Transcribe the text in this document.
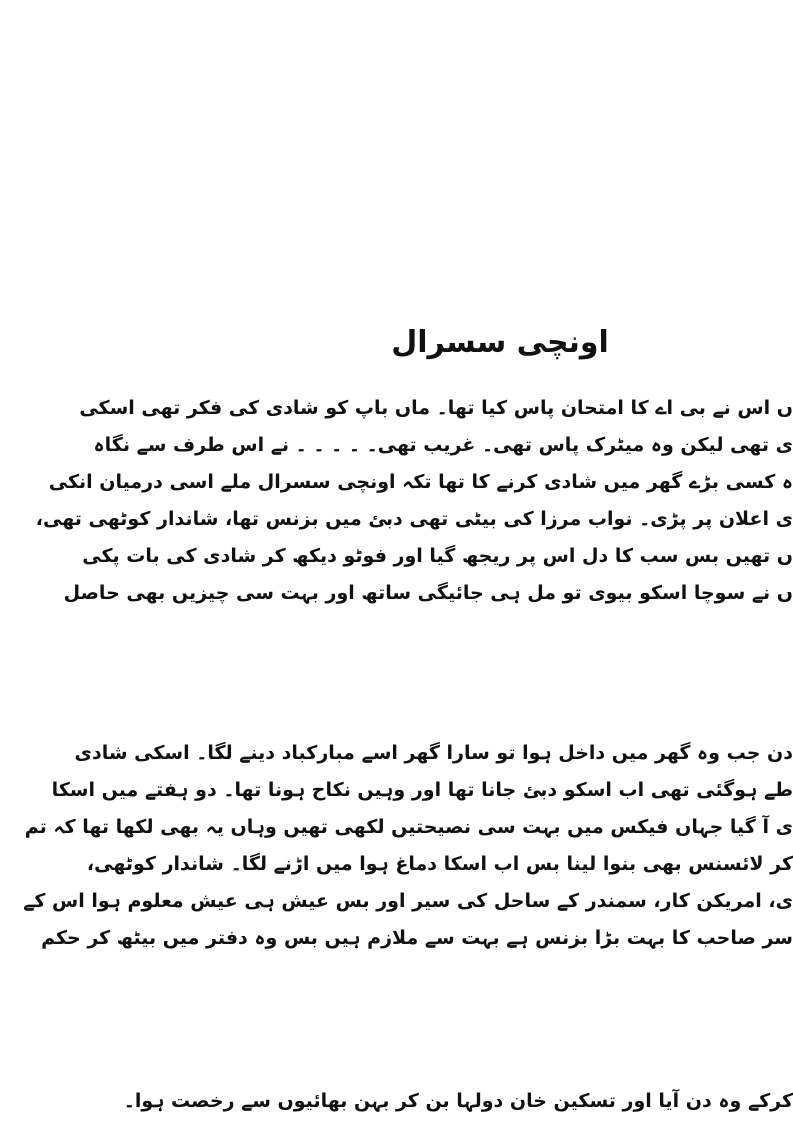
اونچی سسرال
ں اس نے بی اے کا امتحان پاس کیا تھا۔ ماں باپ کو شادی کی فکر تھی اسکی
ی تھی لیکن وہ میٹرک پاس تھی۔ غریب تھی۔ ۔ ۔ ۔ ۔ نے اس طرف سے نگاہ
ہ کسی بڑے گھر میں شادی کرنے کا تھا تکہ اونچی سسرال ملے اسی درمیان انکی
ی اعلان پر پڑی۔ نواب مرزا کی بیٹی تھی دبئ میں بزنس تھا، شاندار کوٹھی تھی،
ں تھیں بس سب کا دل اس پر ریجھ گیا اور فوٹو دیکھ کر شادی کی بات پکی
ں نے سوچا اسکو بیوی تو مل ہی جائیگی ساتھ اور بہت سی چیزیں بھی حاصل
دن جب وہ گھر میں داخل ہوا تو سارا گھر اسے مبارکباد دینے لگا۔ اسکی شادی
طے ہوگئی تھی اب اسکو دبئ جانا تھا اور وہیں نکاح ہونا تھا۔ دو ہفتے میں اسکا
ی آ گیا جہاں فیکس میں بہت سی نصیحتیں لکھی تھیں وہاں یہ بھی لکھا تھا کہ تم
کر لائسنس بھی بنوا لینا بس اب اسکا دماغ ہوا میں اڑنے لگا۔ شاندار کوٹھی،
ی، امریکن کار، سمندر کے ساحل کی سیر اور بس عیش ہی عیش معلوم ہوا اس کے
سر صاحب کا بہت بڑا بزنس ہے بہت سے ملازم ہیں بس وہ دفتر میں بیٹھ کر حکم
کرکے وہ دن آیا اور تسکین خان دولہا بن کر بہن بھائیوں سے رخصت ہوا۔
